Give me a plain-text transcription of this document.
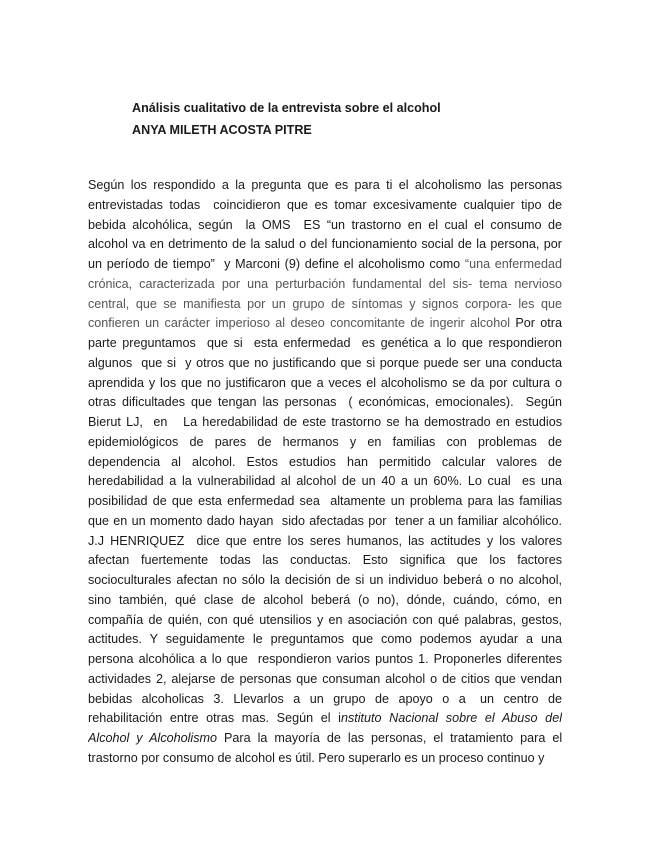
Análisis cualitativo de la entrevista sobre el alcohol
ANYA MILETH ACOSTA PITRE
Según los respondido a la pregunta que es para ti el alcoholismo las personas
entrevistadas todas  coincidieron que es tomar excesivamente cualquier tipo de
bebida alcohólica, según  la OMS  ES “un trastorno en el cual el consumo de
alcohol va en detrimento de la salud o del funcionamiento social de la persona, por
un período de tiempo”  y Marconi (9) define el alcoholismo como “una enfermedad
crónica, caracterizada por una perturbación fundamental del sis- tema nervioso
central, que se manifiesta por un grupo de síntomas y signos corpora- les que
confieren un carácter imperioso al deseo concomitante de ingerir alcohol Por otra
parte preguntamos  que si  esta enfermedad  es genética a lo que respondieron
algunos  que si  y otros que no justificando que si porque puede ser una conducta
aprendida y los que no justificaron que a veces el alcoholismo se da por cultura o
otras dificultades que tengan las personas  ( económicas, emocionales).  Según
Bierut LJ,  en   La heredabilidad de este trastorno se ha demostrado en estudios
epidemiológicos  de  pares  de  hermanos  y  en  familias  con  problemas  de
dependencia  al  alcohol.  Estos  estudios  han  permitido  calcular  valores  de
heredabilidad a la vulnerabilidad al alcohol de un 40 a un 60%. Lo cual  es una
posibilidad de que esta enfermedad sea  altamente un problema para las familias
que en un momento dado hayan  sido afectadas por  tener a un familiar alcohólico.
J.J HENRIQUEZ  dice que entre los seres humanos, las actitudes y los valores
afectan  fuertemente  todas  las  conductas.  Esto  significa  que  los  factores
socioculturales afectan no sólo la decisión de si un individuo beberá o no alcohol,
sino  también,  qué  clase  de  alcohol  beberá  (o  no),  dónde,  cuándo,  cómo,  en
compañía de quién, con qué utensilios y en asociación con qué palabras, gestos,
actitudes.  Y  seguidamente  le  preguntamos  que  como  podemos  ayudar  a  una
persona alcohólica a lo que  respondieron varios puntos 1. Proponerles diferentes
actividades 2, alejarse de personas que consuman alcohol o de citios que vendan
bebidas  alcoholicas  3.  Llevarlos  a  un  grupo  de  apoyo  o  a   un  centro  de
rehabilitación  entre  otras  mas.  Según  el  instituto  Nacional  sobre  el  Abuso  del
Alcohol  y  Alcoholismo  Para  la  mayoría  de  las  personas,  el  tratamiento  para  el
trastorno por consumo de alcohol es útil. Pero superarlo es un proceso continuo y
